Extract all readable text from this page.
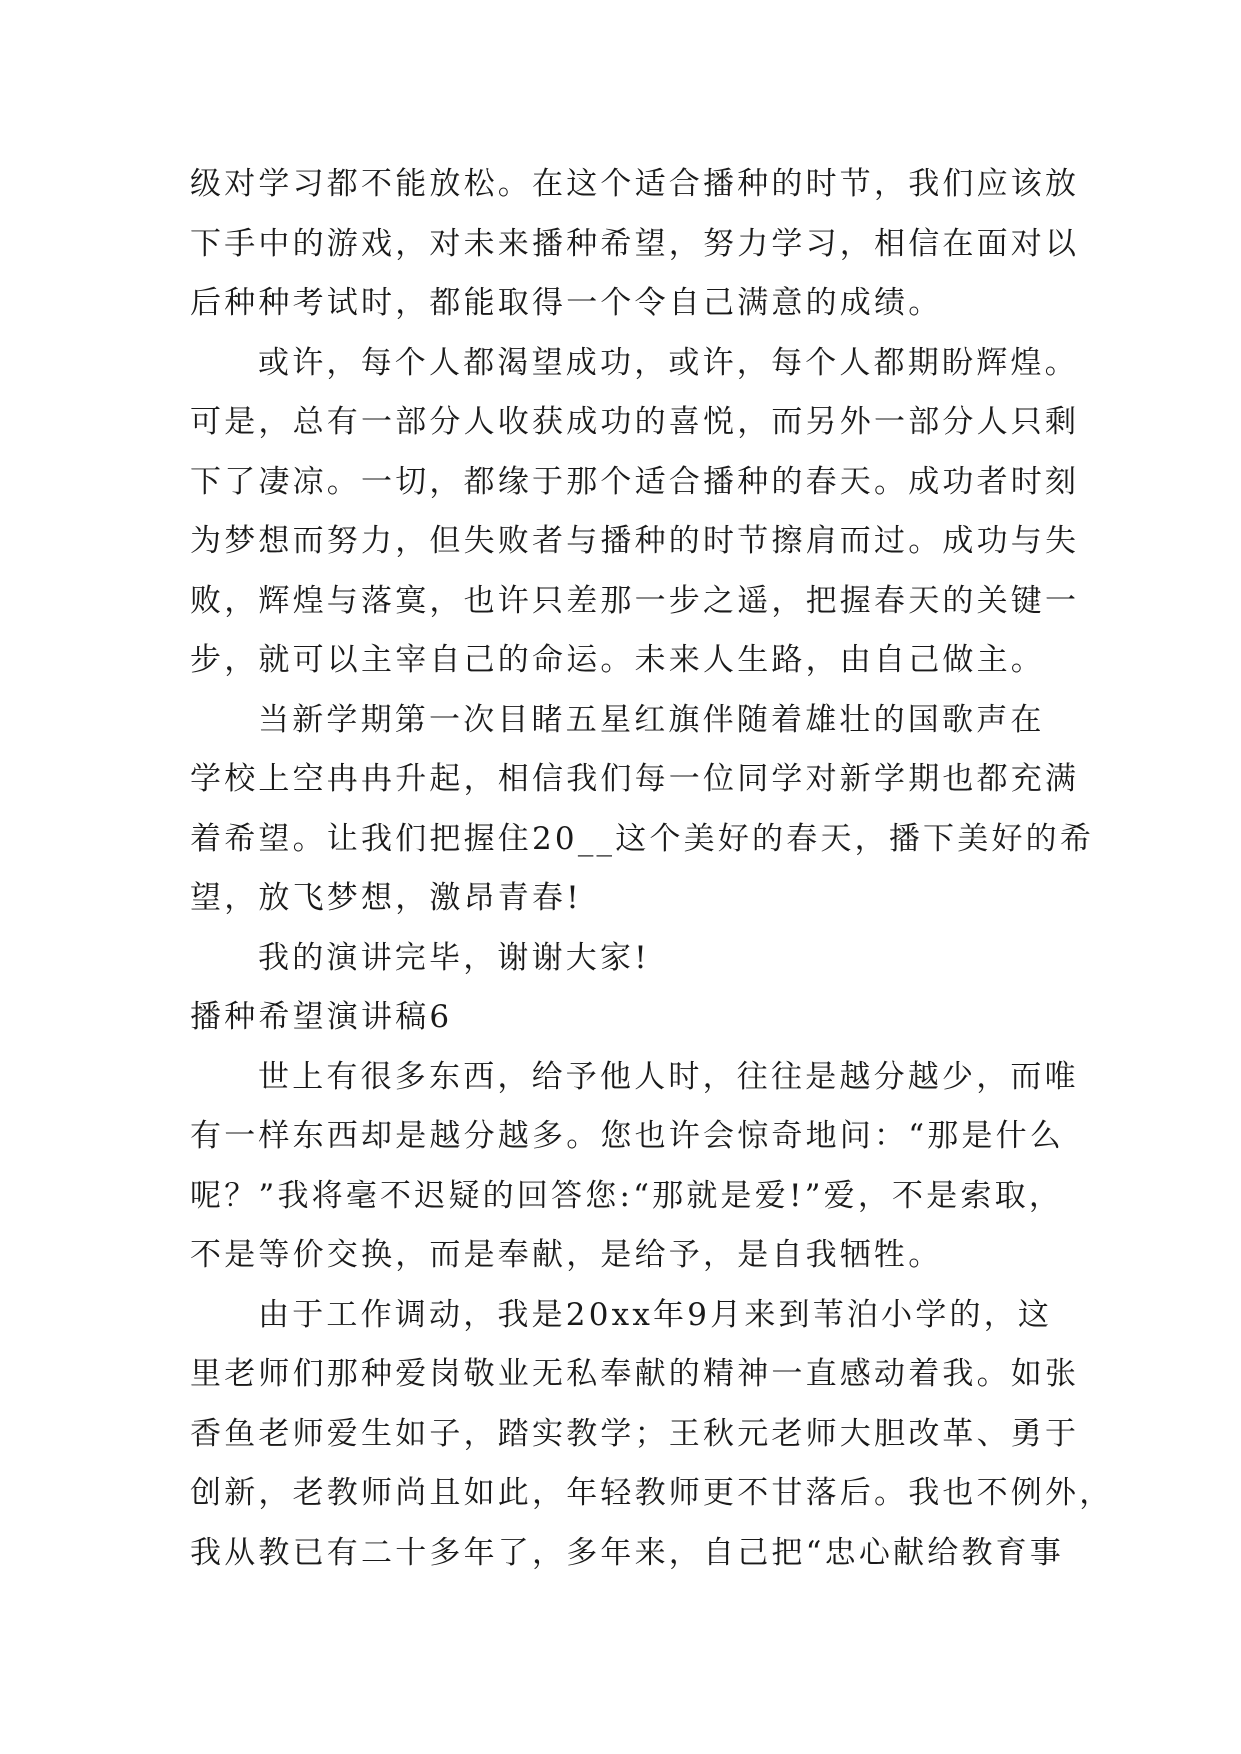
级对学习都不能放松。在这个适合播种的时节，我们应该放
下手中的游戏，对未来播种希望，努力学习，相信在面对以
后种种考试时，都能取得一个令自己满意的成绩。
或许，每个人都渴望成功，或许，每个人都期盼辉煌。
可是，总有一部分人收获成功的喜悦，而另外一部分人只剩
下了凄凉。一切，都缘于那个适合播种的春天。成功者时刻
为梦想而努力，但失败者与播种的时节擦肩而过。成功与失
败，辉煌与落寞，也许只差那一步之遥，把握春天的关键一
步，就可以主宰自己的命运。未来人生路，由自己做主。
当新学期第一次目睹五星红旗伴随着雄壮的国歌声在
学校上空冉冉升起，相信我们每一位同学对新学期也都充满
着希望。让我们把握住20__这个美好的春天，播下美好的希
望，放飞梦想，激昂青春!
我的演讲完毕，谢谢大家!
播种希望演讲稿6
世上有很多东西，给予他人时，往往是越分越少，而唯
有一样东西却是越分越多。您也许会惊奇地问：“那是什么
呢？”我将毫不迟疑的回答您:“那就是爱!”爱，不是索取，
不是等价交换，而是奉献，是给予，是自我牺牲。
由于工作调动，我是20xx年9月来到苇泊小学的，这
里老师们那种爱岗敬业无私奉献的精神一直感动着我。如张
香鱼老师爱生如子，踏实教学；王秋元老师大胆改革、勇于
创新，老教师尚且如此，年轻教师更不甘落后。我也不例外，
我从教已有二十多年了，多年来，自己把“忠心献给教育事
